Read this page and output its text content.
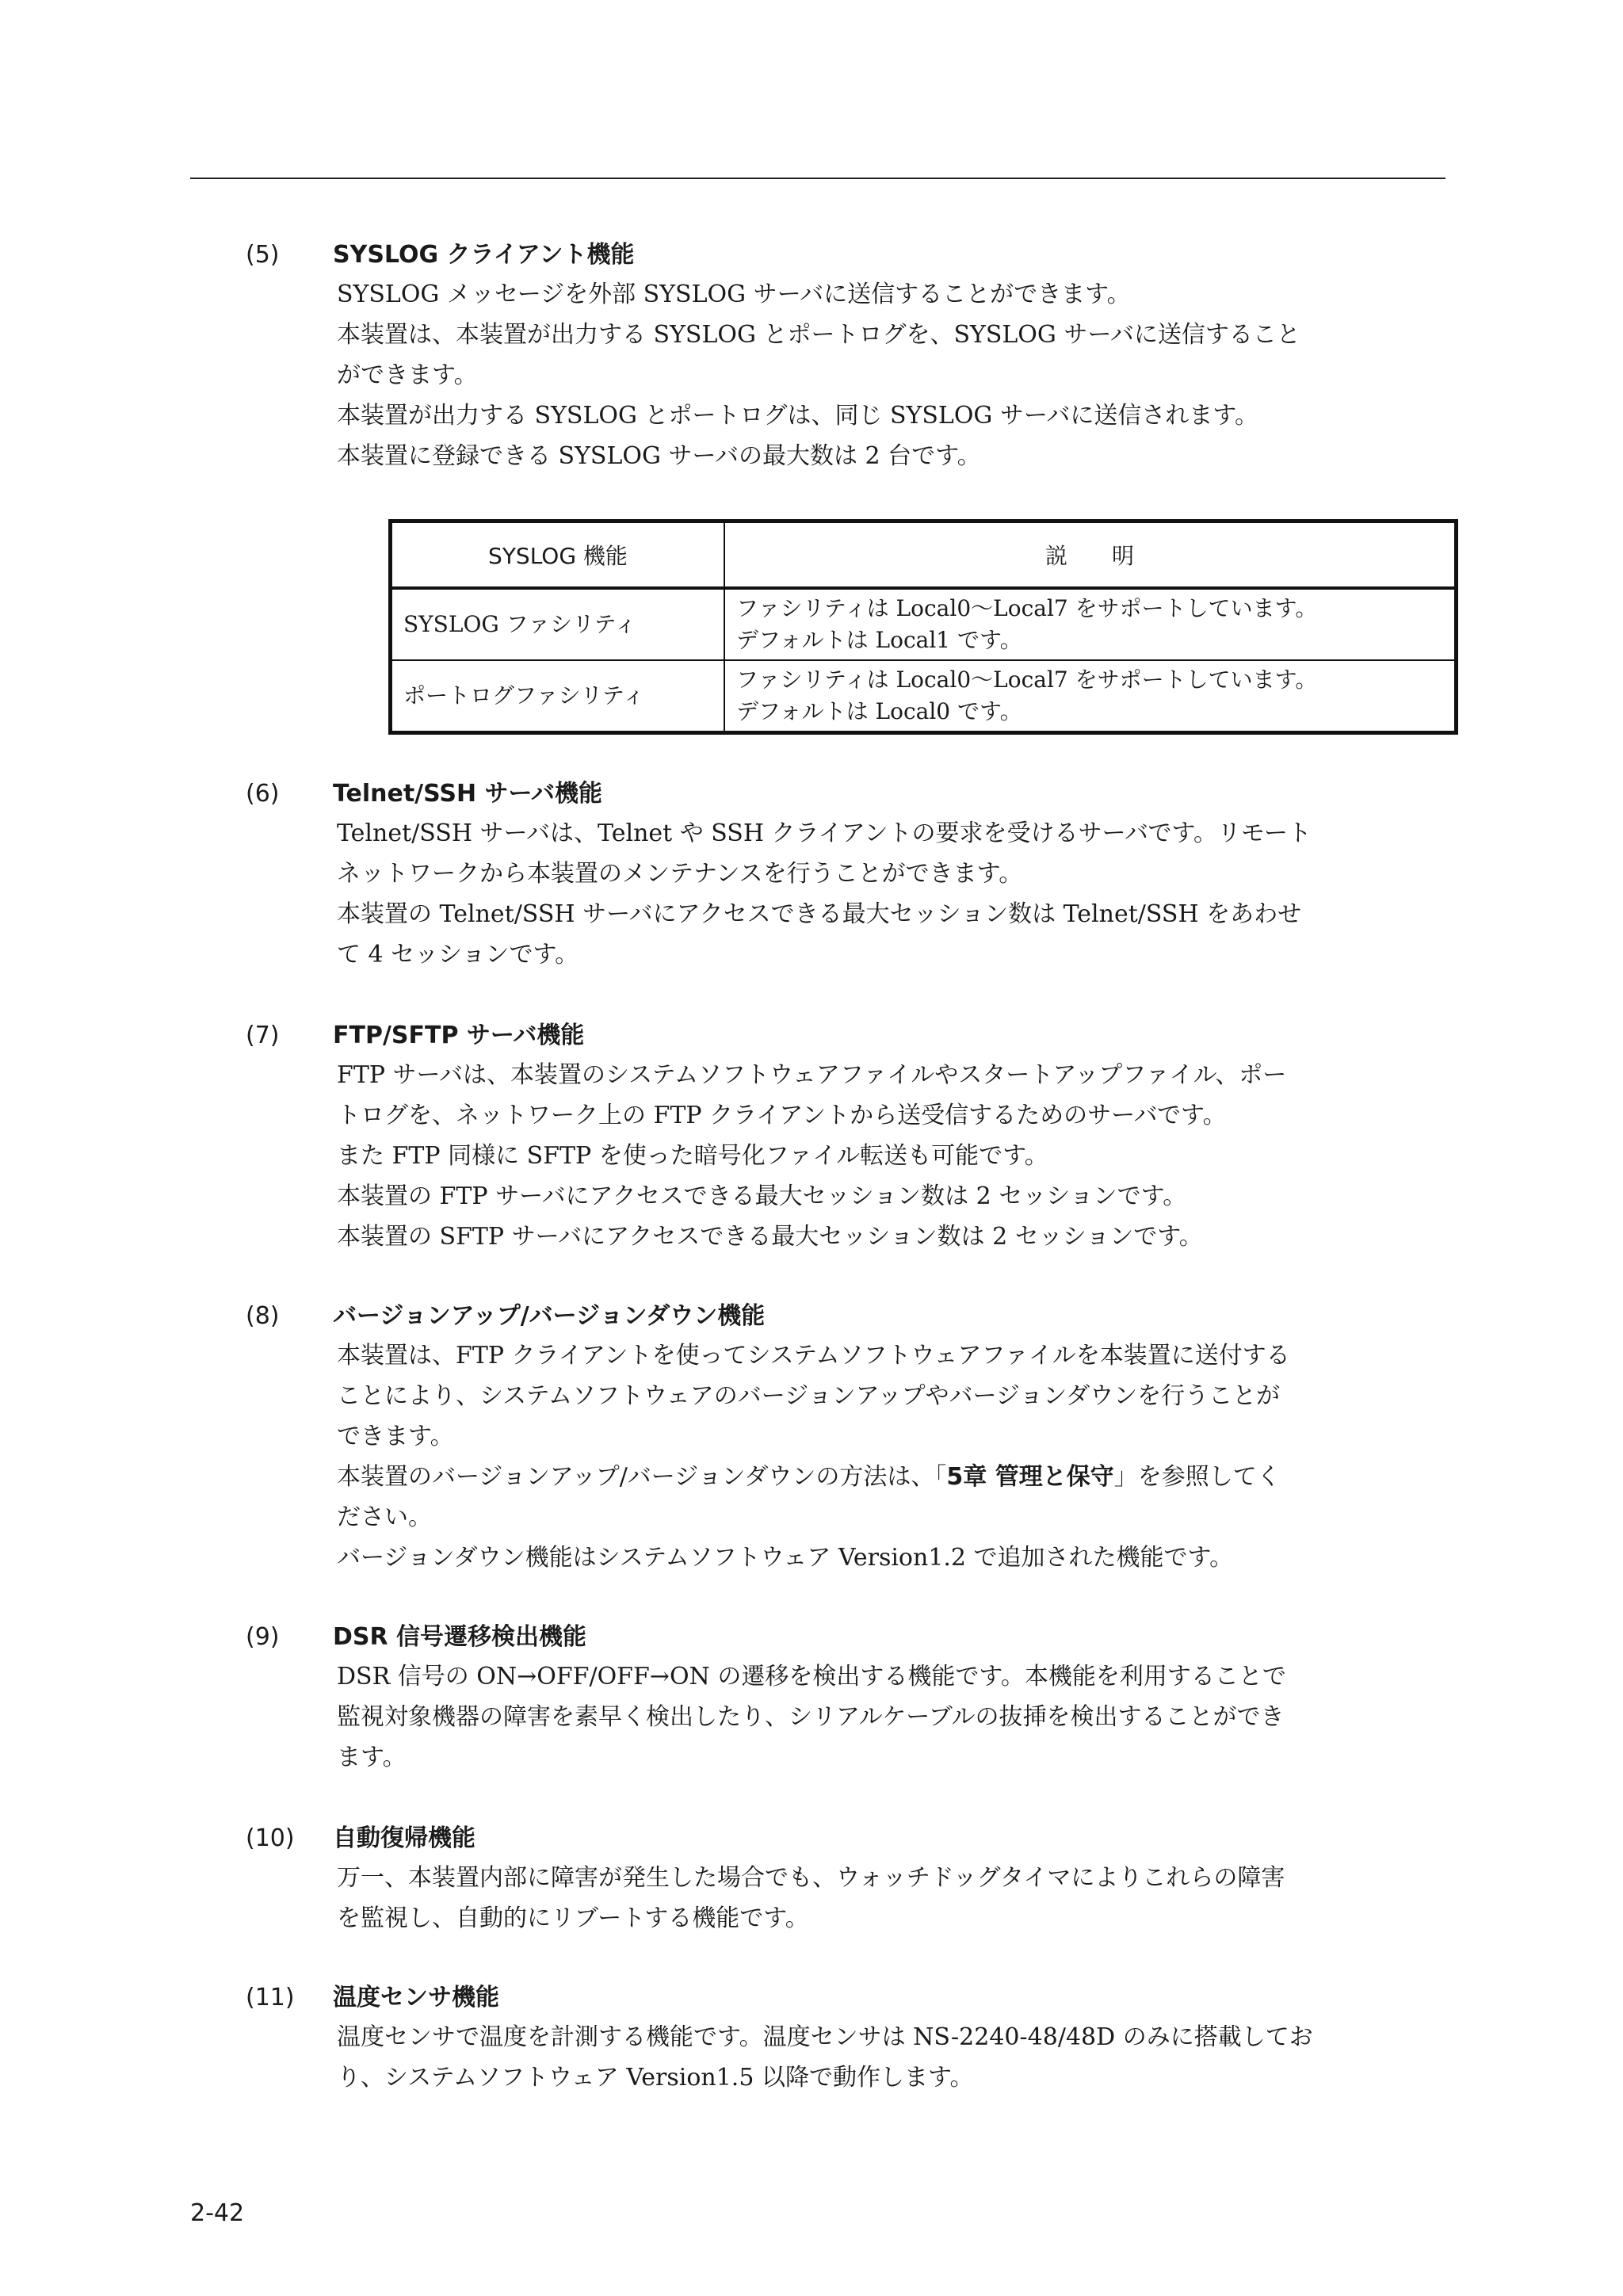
(5) SYSLOG クライアント機能

SYSLOG メッセージを外部 SYSLOG サーバに送信することができます。

本装置は、本装置が出力する SYSLOG とポートログを、SYSLOG サーバに送信すること

ができます。

本装置が出力する SYSLOG とポートログは、同じ SYSLOG サーバに送信されます。

本装置に登録できる SYSLOG サーバの最大数は 2 台です。

SYSLOG 機能	説　　明
SYSLOG ファシリティ	ファシリティは Local0～Local7 をサポートしています。
デフォルトは Local1 です。

ポートログファシリティ	ファシリティは Local0～Local7 をサポートしています。
デフォルトは Local0 です。
(6) Telnet/SSH サーバ機能

Telnet/SSH サーバは、Telnet や SSH クライアントの要求を受けるサーバです。リモート

ネットワークから本装置のメンテナンスを行うことができます。

本装置の Telnet/SSH サーバにアクセスできる最大セッション数は Telnet/SSH をあわせ

て 4 セッションです。

(7) FTP/SFTP サーバ機能

FTP サーバは、本装置のシステムソフトウェアファイルやスタートアップファイル、ポー

トログを、ネットワーク上の FTP クライアントから送受信するためのサーバです。

また FTP 同様に SFTP を使った暗号化ファイル転送も可能です。

本装置の FTP サーバにアクセスできる最大セッション数は 2 セッションです。

本装置の SFTP サーバにアクセスできる最大セッション数は 2 セッションです。

(8) バージョンアップ/バージョンダウン機能

本装置は、FTP クライアントを使ってシステムソフトウェアファイルを本装置に送付する

ことにより、システムソフトウェアのバージョンアップやバージョンダウンを行うことが

できます。

本装置のバージョンアップ/バージョンダウンの方法は、「5章 管理と保守」を参照してく

ださい。

バージョンダウン機能はシステムソフトウェア Version1.2 で追加された機能です。

(9) DSR 信号遷移検出機能

DSR 信号の ON→OFF/OFF→ON の遷移を検出する機能です。本機能を利用することで

監視対象機器の障害を素早く検出したり、シリアルケーブルの抜挿を検出することができ

ます。

(10) 自動復帰機能

万一、本装置内部に障害が発生した場合でも、ウォッチドッグタイマによりこれらの障害

を監視し、自動的にリブートする機能です。

(11) 温度センサ機能

温度センサで温度を計測する機能です。温度センサは NS-2240-48/48D のみに搭載してお

り、システムソフトウェア Version1.5 以降で動作します。

2-42
